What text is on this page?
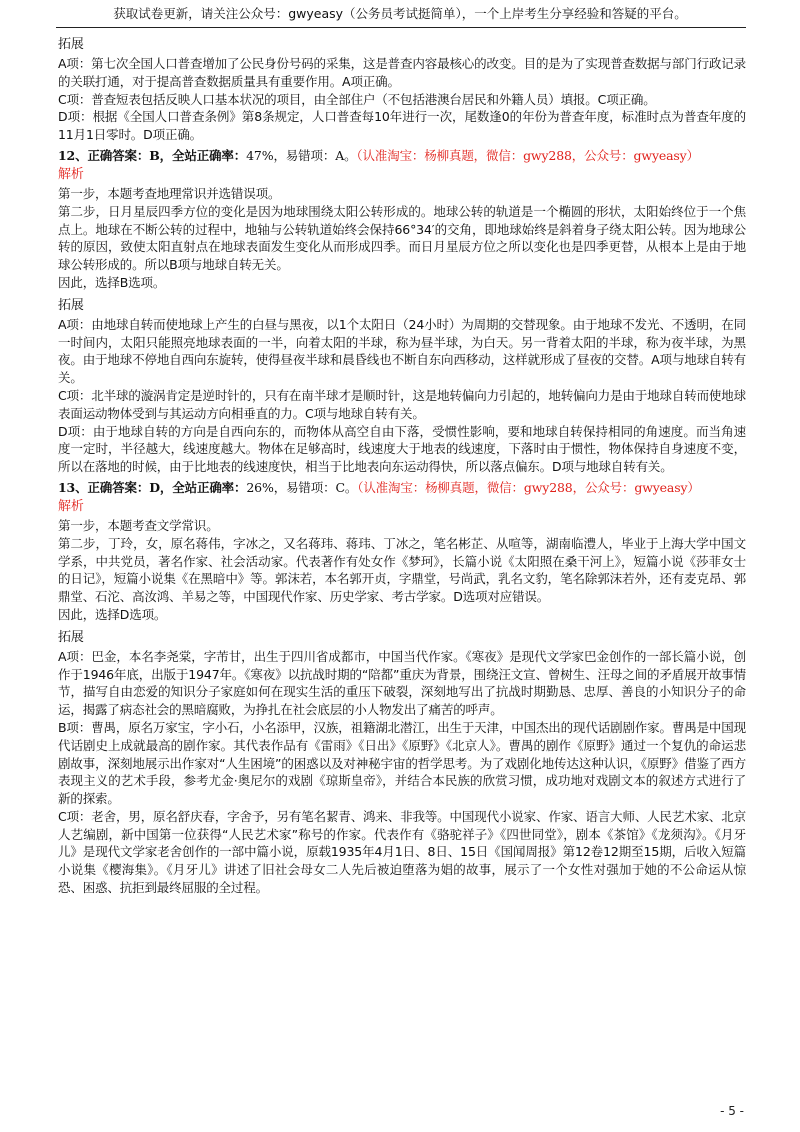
获取试卷更新，请关注公众号：gwyeasy（公务员考试挺简单），一个上岸考生分享经验和答疑的平台。

拓展

A项：第七次全国人口普查增加了公民身份号码的采集，这是普查内容最核心的改变。目的是为了实现普查数据与部门行政记录的关联打通，对于提高普查数据质量具有重要作用。A项正确。

C项：普查短表包括反映人口基本状况的项目，由全部住户（不包括港澳台居民和外籍人员）填报。C项正确。

D项：根据《全国人口普查条例》第8条规定，人口普查每10年进行一次，尾数逢0的年份为普查年度，标准时点为普查年度的11月1日零时。D项正确。

12、正确答案：B，全站正确率：47%，易错项：A。（认准淘宝：杨柳真题，微信：gwy288，公众号：gwyeasy）

解析

第一步，本题考查地理常识并选错误项。

第二步，日月星辰四季方位的变化是因为地球围绕太阳公转形成的。地球公转的轨道是一个椭圆的形状，太阳始终位于一个焦点上。地球在不断公转的过程中，地轴与公转轨道始终会保持66°34′的交角，即地球始终是斜着身子绕太阳公转。因为地球公转的原因，致使太阳直射点在地球表面发生变化从而形成四季。而日月星辰方位之所以变化也是四季更替，从根本上是由于地球公转形成的。所以B项与地球自转无关。

因此，选择B选项。

拓展

A项：由地球自转而使地球上产生的白昼与黑夜，以1个太阳日（24小时）为周期的交替现象。由于地球不发光、不透明，在同一时间内，太阳只能照亮地球表面的一半，向着太阳的半球，称为昼半球，为白天。另一背着太阳的半球，称为夜半球，为黑夜。由于地球不停地自西向东旋转，使得昼夜半球和晨昏线也不断自东向西移动，这样就形成了昼夜的交替。A项与地球自转有关。

C项：北半球的漩涡肯定是逆时针的，只有在南半球才是顺时针，这是地转偏向力引起的，地转偏向力是由于地球自转而使地球表面运动物体受到与其运动方向相垂直的力。C项与地球自转有关。

D项：由于地球自转的方向是自西向东的，而物体从高空自由下落，受惯性影响，要和地球自转保持相同的角速度。而当角速度一定时，半径越大，线速度越大。物体在足够高时，线速度大于地表的线速度，下落时由于惯性，物体保持自身速度不变，所以在落地的时候，由于比地表的线速度快，相当于比地表向东运动得快，所以落点偏东。D项与地球自转有关。

13、正确答案：D，全站正确率：26%，易错项：C。（认准淘宝：杨柳真题，微信：gwy288，公众号：gwyeasy）

解析

第一步，本题考查文学常识。

第二步，丁玲，女，原名蒋伟，字冰之，又名蒋玮、蒋玮、丁冰之，笔名彬芷、从喧等，湖南临澧人，毕业于上海大学中国文学系，中共党员，著名作家、社会活动家。代表著作有处女作《梦珂》，长篇小说《太阳照在桑干河上》，短篇小说《莎菲女士的日记》，短篇小说集《在黑暗中》等。郭沫若，本名郭开贞，字鼎堂，号尚武，乳名文豹，笔名除郭沫若外，还有麦克昂、郭鼎堂、石沱、高汝鸿、羊易之等，中国现代作家、历史学家、考古学家。D选项对应错误。

因此，选择D选项。

拓展

A项：巴金，本名李尧棠，字芾甘，出生于四川省成都市，中国当代作家。《寒夜》是现代文学家巴金创作的一部长篇小说，创作于1946年底，出版于1947年。《寒夜》以抗战时期的“陪都”重庆为背景，围绕汪文宣、曾树生、汪母之间的矛盾展开故事情节，描写自由恋爱的知识分子家庭如何在现实生活的重压下破裂，深刻地写出了抗战时期勤恳、忠厚、善良的小知识分子的命运，揭露了病态社会的黑暗腐败，为挣扎在社会底层的小人物发出了痛苦的呼声。

B项：曹禺，原名万家宝，字小石，小名添甲，汉族，祖籍湖北潜江，出生于天津，中国杰出的现代话剧剧作家。曹禺是中国现代话剧史上成就最高的剧作家。其代表作品有《雷雨》《日出》《原野》《北京人》。曹禺的剧作《原野》通过一个复仇的命运悲剧故事，深刻地展示出作家对“人生困境”的困惑以及对神秘宇宙的哲学思考。为了戏剧化地传达这种认识，《原野》借鉴了西方表现主义的艺术手段，参考尤金·奥尼尔的戏剧《琼斯皇帝》，并结合本民族的欣赏习惯，成功地对戏剧文本的叙述方式进行了新的探索。

C项：老舍，男，原名舒庆春，字舍予，另有笔名絜青、鸿来、非我等。中国现代小说家、作家、语言大师、人民艺术家、北京人艺编剧，新中国第一位获得“人民艺术家”称号的作家。代表作有《骆驼祥子》《四世同堂》，剧本《茶馆》《龙须沟》。《月牙儿》是现代文学家老舍创作的一部中篇小说，原载1935年4月1日、8日、15日《国闻周报》第12卷12期至15期，后收入短篇小说集《樱海集》。《月牙儿》讲述了旧社会母女二人先后被迫堕落为娼的故事，展示了一个女性对强加于她的不公命运从惊恐、困惑、抗拒到最终屈服的全过程。

- 5 -
